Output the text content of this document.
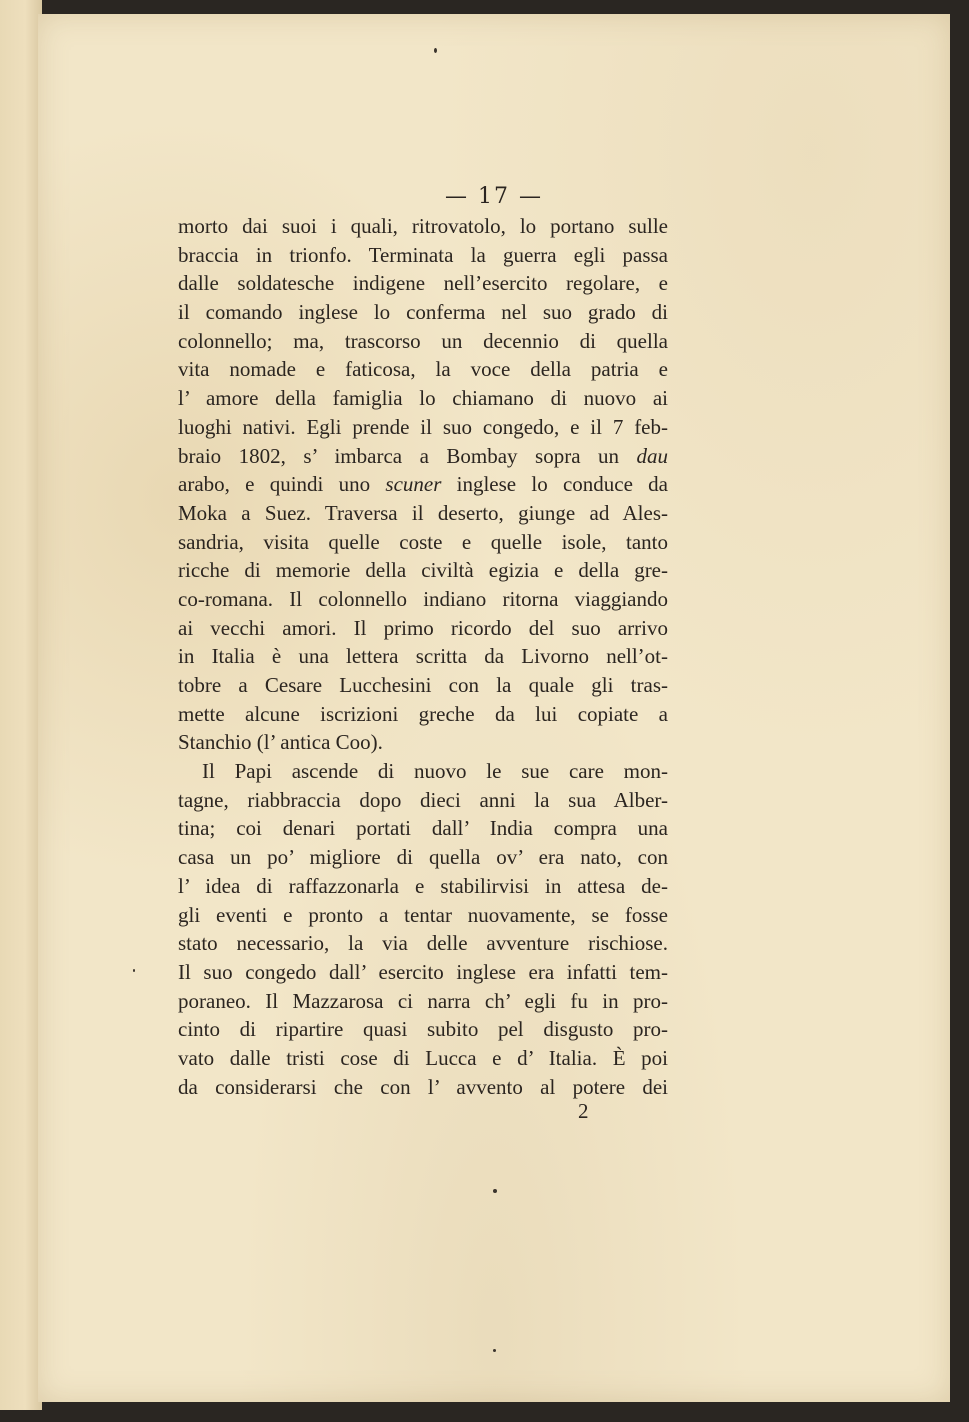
— 17 —
morto dai suoi i quali, ritrovatolo, lo portano sulle
braccia in trionfo. Terminata la guerra egli passa
dalle soldatesche indigene nell’esercito regolare, e
il comando inglese lo conferma nel suo grado di
colonnello; ma, trascorso un decennio di quella
vita nomade e faticosa, la voce della patria e
l’ amore della famiglia lo chiamano di nuovo ai
luoghi nativi. Egli prende il suo congedo, e il 7 feb-
braio 1802, s’ imbarca a Bombay sopra un dau
arabo, e quindi uno scuner inglese lo conduce da
Moka a Suez. Traversa il deserto, giunge ad Ales-
sandria, visita quelle coste e quelle isole, tanto
ricche di memorie della civiltà egizia e della gre-
co-romana. Il colonnello indiano ritorna viaggiando
ai vecchi amori. Il primo ricordo del suo arrivo
in Italia è una lettera scritta da Livorno nell’ot-
tobre a Cesare Lucchesini con la quale gli tras-
mette alcune iscrizioni greche da lui copiate a
Stanchio (l’ antica Coo).
Il Papi ascende di nuovo le sue care mon-
tagne, riabbraccia dopo dieci anni la sua Alber-
tina; coi denari portati dall’ India compra una
casa un po’ migliore di quella ov’ era nato, con
l’ idea di raffazzonarla e stabilirvisi in attesa de-
gli eventi e pronto a tentar nuovamente, se fosse
stato necessario, la via delle avventure rischiose.
Il suo congedo dall’ esercito inglese era infatti tem-
poraneo. Il Mazzarosa ci narra ch’ egli fu in pro-
cinto di ripartire quasi subito pel disgusto pro-
vato dalle tristi cose di Lucca e d’ Italia. È poi
da considerarsi che con l’ avvento al potere dei
2
